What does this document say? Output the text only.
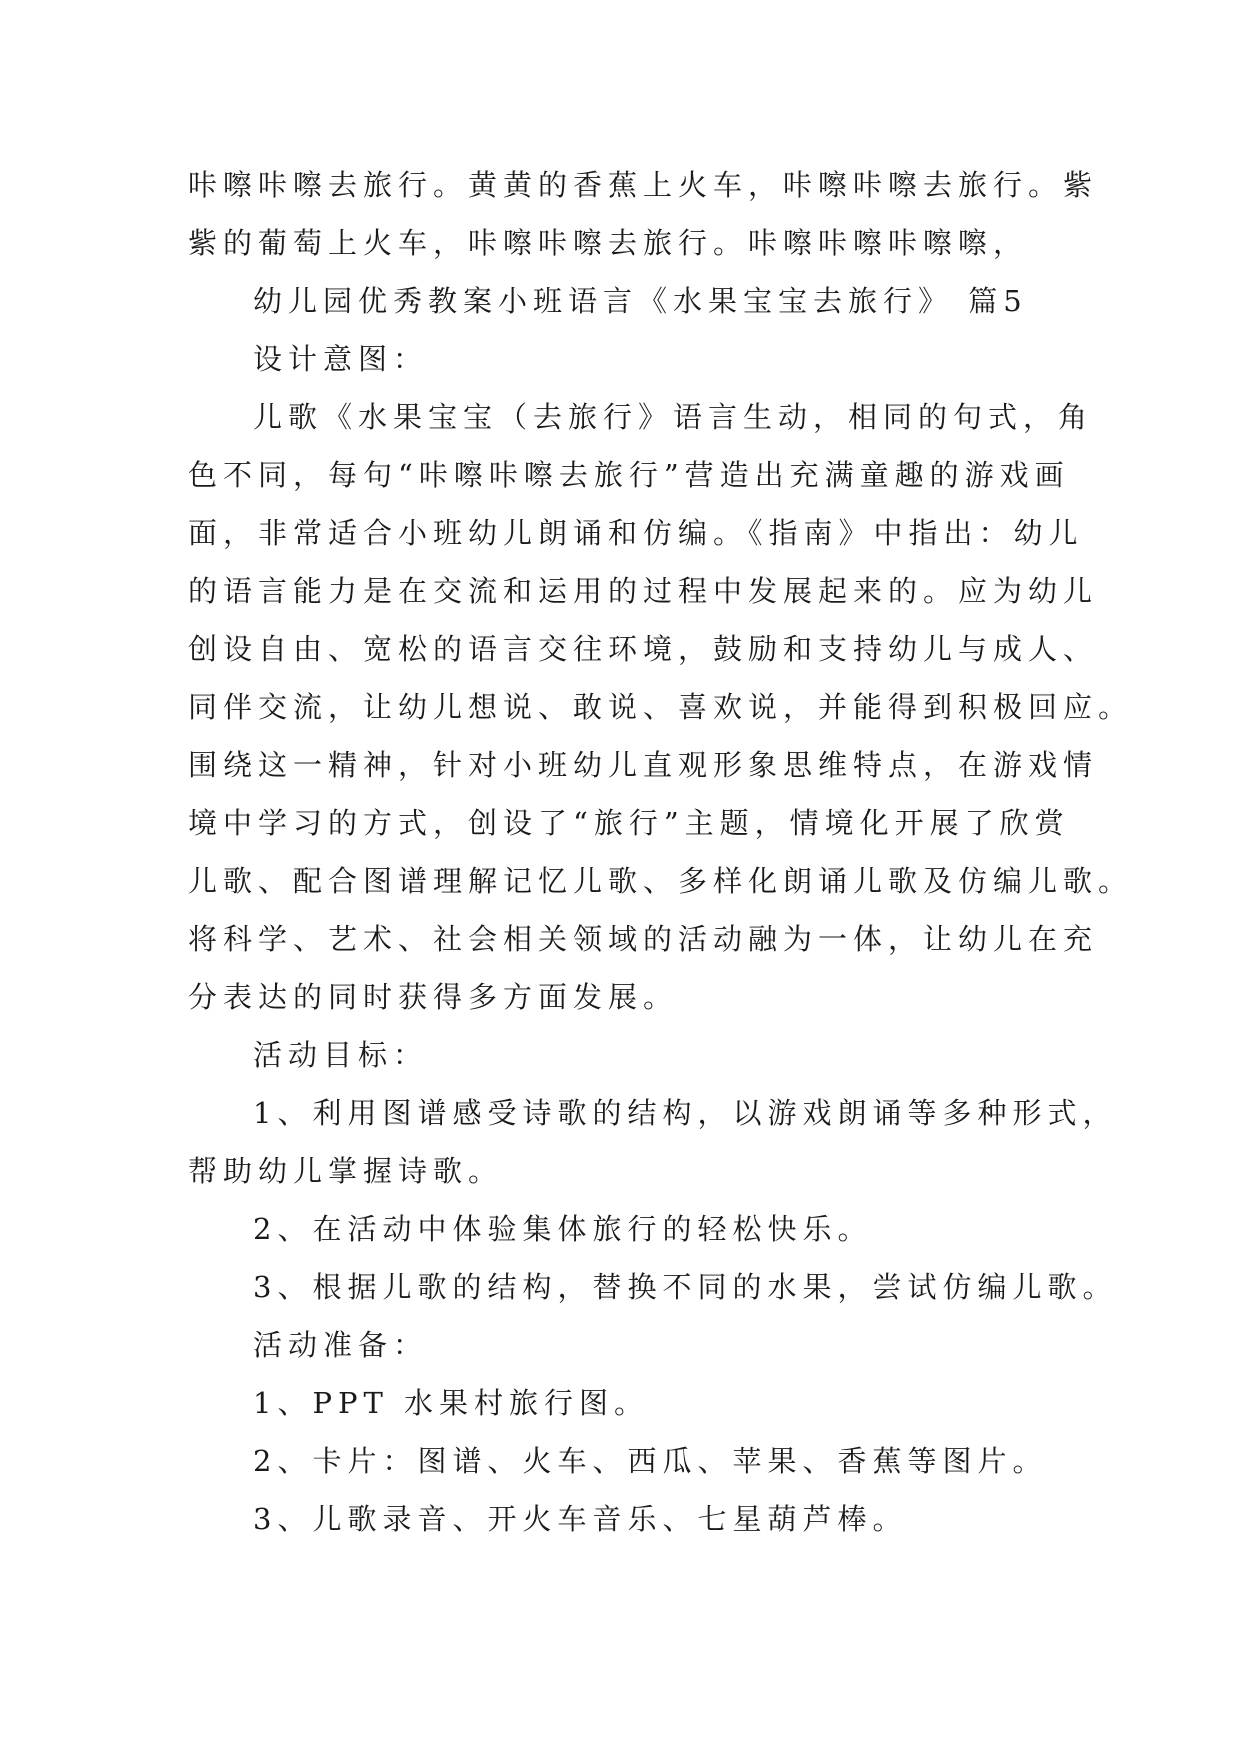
咔嚓咔嚓去旅行。黄黄的香蕉上火车，咔嚓咔嚓去旅行。紫
紫的葡萄上火车，咔嚓咔嚓去旅行。咔嚓咔嚓咔嚓嚓，
幼儿园优秀教案小班语言《水果宝宝去旅行》 篇5
设计意图：
儿歌《水果宝宝（去旅行》语言生动，相同的句式，角
色不同，每句“咔嚓咔嚓去旅行”营造出充满童趣的游戏画
面，非常适合小班幼儿朗诵和仿编。《指南》中指出：幼儿
的语言能力是在交流和运用的过程中发展起来的。应为幼儿
创设自由、宽松的语言交往环境，鼓励和支持幼儿与成人、
同伴交流，让幼儿想说、敢说、喜欢说，并能得到积极回应。
围绕这一精神，针对小班幼儿直观形象思维特点，在游戏情
境中学习的方式，创设了“旅行”主题，情境化开展了欣赏
儿歌、配合图谱理解记忆儿歌、多样化朗诵儿歌及仿编儿歌。
将科学、艺术、社会相关领域的活动融为一体，让幼儿在充
分表达的同时获得多方面发展。
活动目标：
1、利用图谱感受诗歌的结构，以游戏朗诵等多种形式，
帮助幼儿掌握诗歌。
2、在活动中体验集体旅行的轻松快乐。
3、根据儿歌的结构，替换不同的水果，尝试仿编儿歌。
活动准备：
1、PPT 水果村旅行图。
2、卡片：图谱、火车、西瓜、苹果、香蕉等图片。
3、儿歌录音、开火车音乐、七星葫芦棒。
